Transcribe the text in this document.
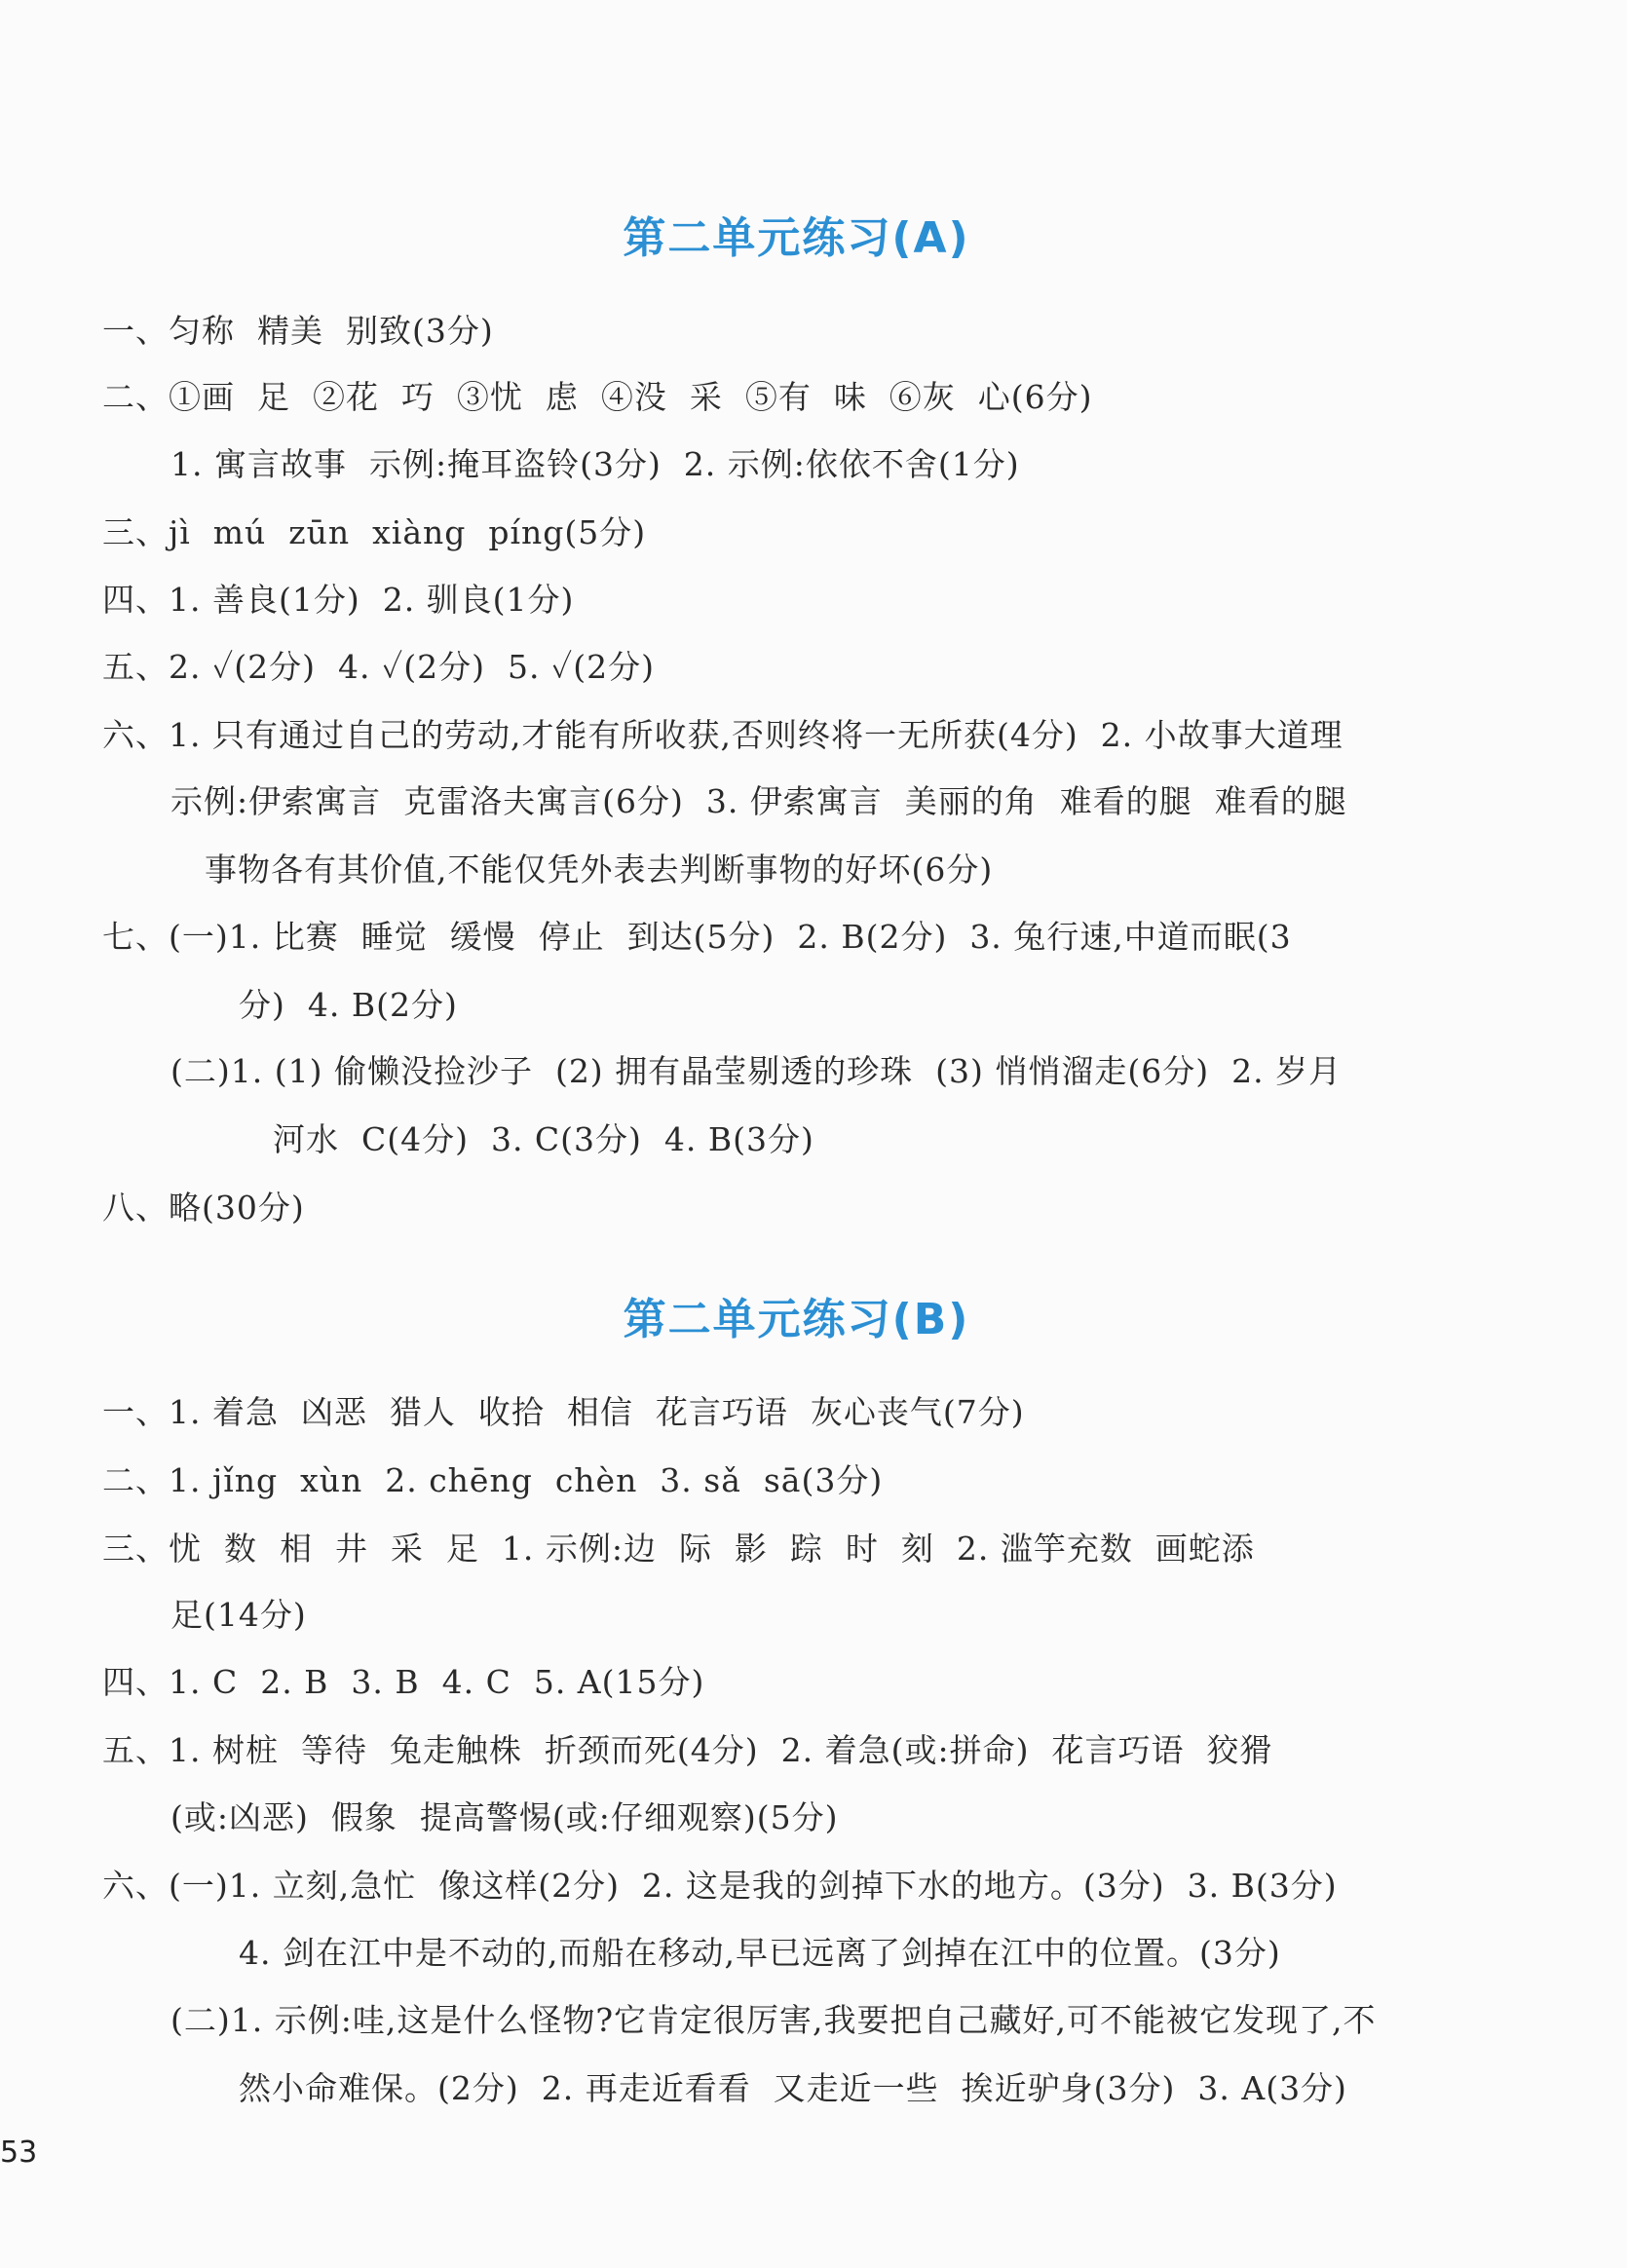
第二单元练习(A)
一、匀称  精美  别致(3分)
二、①画  足  ②花  巧  ③忧  虑  ④没  采  ⑤有  味  ⑥灰  心(6分)
1. 寓言故事  示例:掩耳盗铃(3分)  2. 示例:依依不舍(1分)
三、jì  mú  zūn  xiàng  píng(5分)
四、1. 善良(1分)  2. 驯良(1分)
五、2. ✓(2分)  4. ✓(2分)  5. ✓(2分)
六、1. 只有通过自己的劳动,才能有所收获,否则终将一无所获(4分)  2. 小故事大道理
示例:伊索寓言  克雷洛夫寓言(6分)  3. 伊索寓言  美丽的角  难看的腿  难看的腿
事物各有其价值,不能仅凭外表去判断事物的好坏(6分)
七、(一)1. 比赛  睡觉  缓慢  停止  到达(5分)  2. B(2分)  3. 兔行速,中道而眠(3
分)  4. B(2分)
(二)1. (1) 偷懒没捡沙子  (2) 拥有晶莹剔透的珍珠  (3) 悄悄溜走(6分)  2. 岁月
河水  C(4分)  3. C(3分)  4. B(3分)
八、略(30分)
第二单元练习(B)
一、1. 着急  凶恶  猎人  收拾  相信  花言巧语  灰心丧气(7分)
二、1. jǐng  xùn  2. chēng  chèn  3. sǎ  sā(3分)
三、忧  数  相  井  采  足  1. 示例:边  际  影  踪  时  刻  2. 滥竽充数  画蛇添
足(14分)
四、1. C  2. B  3. B  4. C  5. A(15分)
五、1. 树桩  等待  兔走触株  折颈而死(4分)  2. 着急(或:拼命)  花言巧语  狡猾
(或:凶恶)  假象  提高警惕(或:仔细观察)(5分)
六、(一)1. 立刻,急忙  像这样(2分)  2. 这是我的剑掉下水的地方。(3分)  3. B(3分)
4. 剑在江中是不动的,而船在移动,早已远离了剑掉在江中的位置。(3分)
(二)1. 示例:哇,这是什么怪物?它肯定很厉害,我要把自己藏好,可不能被它发现了,不
然小命难保。(2分)  2. 再走近看看  又走近一些  挨近驴身(3分)  3. A(3分)
53
